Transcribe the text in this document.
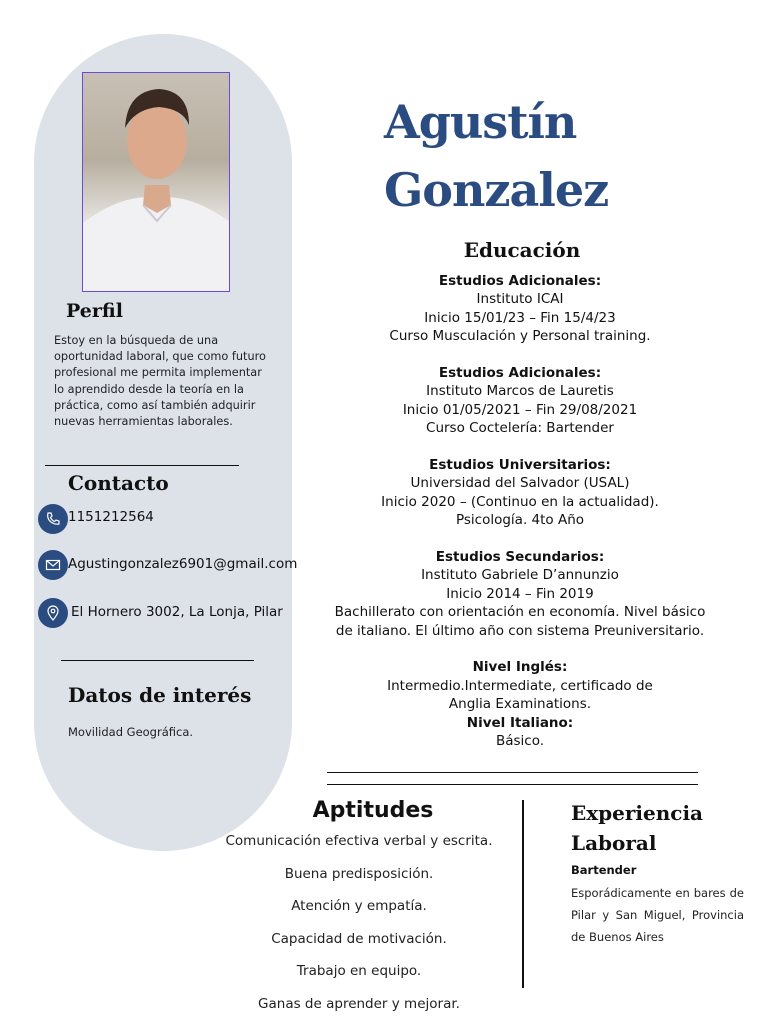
Perfil
Estoy en la búsqueda de una oportunidad laboral, que como futuro profesional me permita implementar lo aprendido desde la teoría en la práctica, como así también adquirir nuevas herramientas laborales.
Contacto
1151212564
Agustingonzalez6901@gmail.com
El Hornero 3002, La Lonja, Pilar
Datos de interés
Movilidad Geográfica.
Agustín
Gonzalez
Educación
Estudios Adicionales:
Instituto ICAI
Inicio 15/01/23 – Fin 15/4/23
Curso Musculación y Personal training.
Estudios Adicionales:
Instituto Marcos de Lauretis
Inicio 01/05/2021 – Fin 29/08/2021
Curso Coctelería: Bartender
Estudios Universitarios:
Universidad del Salvador (USAL)
Inicio 2020 – (Continuo en la actualidad).
Psicología. 4to Año
Estudios Secundarios:
Instituto Gabriele D’annunzio
Inicio 2014 – Fin 2019
Bachillerato con orientación en economía. Nivel básico de italiano. El último año con sistema Preuniversitario.
Nivel Inglés:
Intermedio.Intermediate, certificado de Anglia Examinations.
Nivel Italiano:
Básico.
Aptitudes
Comunicación efectiva verbal y escrita.
Buena predisposición.
Atención y empatía.
Capacidad de motivación.
Trabajo en equipo.
Ganas de aprender y mejorar.
Experiencia
Laboral
Bartender
Esporádicamente en bares de Pilar y San Miguel, Provincia de Buenos Aires
